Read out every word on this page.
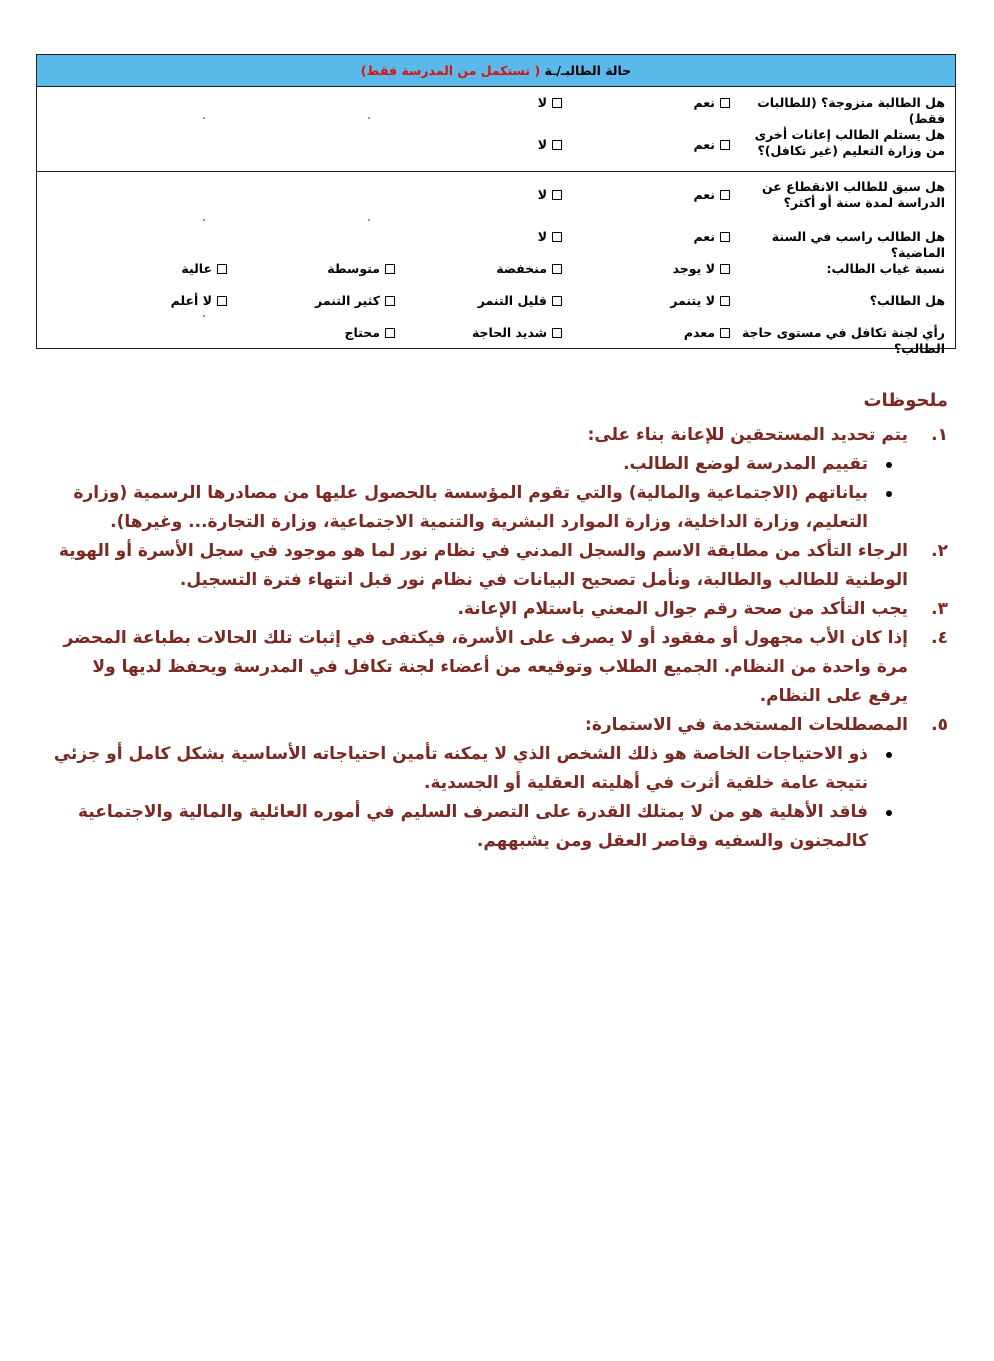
حالة الطالبـ/ـة ( تستكمل من المدرسة فقط)
هل الطالبة متزوجة؟ (للطالبات فقط)
نعم
لا
هل يستلم الطالب إعانات أخرى من وزارة التعليم (غير تكافل)؟
نعم
لا
هل سبق للطالب الانقطاع عن الدراسة لمدة سنة أو أكثر؟
نعم
لا
هل الطالب راسب في السنة الماضية؟
نعم
لا
نسبة غياب الطالب:
لا يوجد
منخفضة
متوسطة
عالية
هل الطالب؟
لا يتنمر
قليل التنمر
كثير التنمر
لا أعلم
رأي لجنة تكافل في مستوى حاجة الطالب؟
معدم
شديد الحاجة
محتاج
ملحوظات
١.
يتم تحديد المستحقين للإعانة بناء على:
تقييم المدرسة لوضع الطالب.
بياناتهم (الاجتماعية والمالية) والتي تقوم المؤسسة بالحصول عليها من مصادرها الرسمية (وزارة التعليم، وزارة الداخلية، وزارة الموارد البشرية والتنمية الاجتماعية، وزارة التجارة... وغيرها).
٢.
الرجاء التأكد من مطابقة الاسم والسجل المدني في نظام نور لما هو موجود في سجل الأسرة أو الهوية الوطنية للطالب والطالبة، ونأمل تصحيح البيانات في نظام نور قبل انتهاء فترة التسجيل.
٣.
يجب التأكد من صحة رقم جوال المعني باستلام الإعانة.
٤.
إذا كان الأب مجهول أو مفقود أو لا يصرف على الأسرة، فيكتفى في إثبات تلك الحالات بطباعة المحضر مرة واحدة من النظام. الجميع الطلاب وتوقيعه من أعضاء لجنة تكافل في المدرسة ويحفظ لديها ولا يرفع على النظام.
٥.
المصطلحات المستخدمة في الاستمارة:
ذو الاحتياجات الخاصة هو ذلك الشخص الذي لا يمكنه تأمين احتياجاته الأساسية بشكل كامل أو جزئي نتيجة عامة خلقية أثرت في أهليته العقلية أو الجسدية.
فاقد الأهلية هو من لا يمتلك القدرة على التصرف السليم في أموره العائلية والمالية والاجتماعية كالمجنون والسفيه وقاصر العقل ومن يشبههم.
